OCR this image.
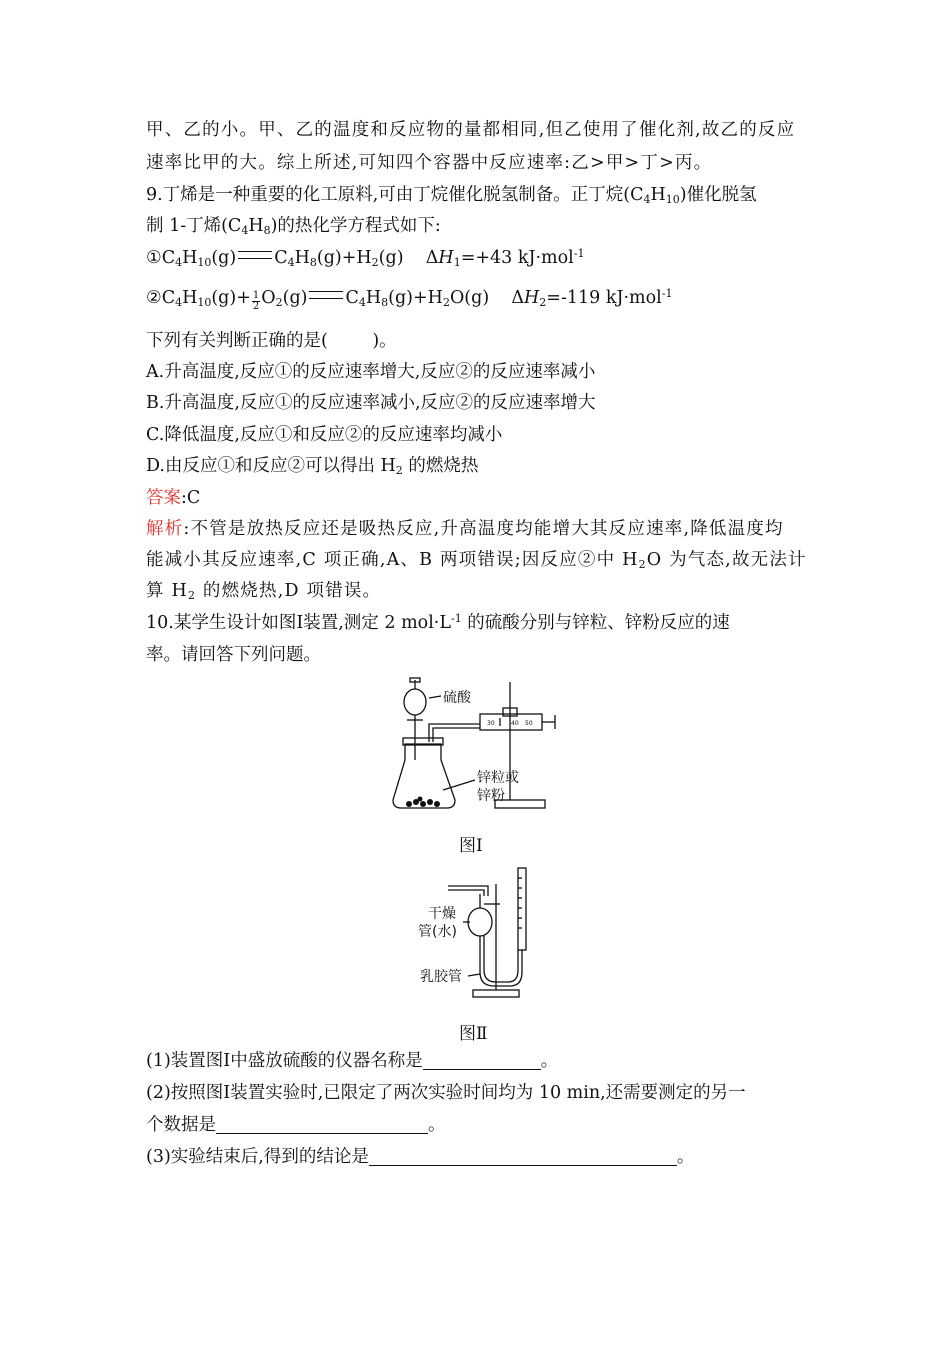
甲、乙的小。甲、乙的温度和反应物的量都相同,但乙使用了催化剂,故乙的反应
速率比甲的大。综上所述,可知四个容器中反应速率:乙>甲>丁>丙。
9.丁烯是一种重要的化工原料,可由丁烷催化脱氢制备。正丁烷$(C_4H_{10})$催化脱氢
制 1-丁烯$(C_4H_8)$的热化学方程式如下:
$①C_4H_{10}(g)$ $C_4H_8(g)+H_2(g)$    $\Delta H_1=+43$ kJ·mol$^{-1}$
$②C_4H_{10}(g)+ \frac{1}{2} O_2(g)$ $C_4H_8(g)+H_2O(g)$    $\Delta H_2=-119$ kJ·mol$^{-1}$
下列有关判断正确的是(        )。
A.升高温度,反应①的反应速率增大,反应②的反应速率减小
B.升高温度,反应①的反应速率减小,反应②的反应速率增大
C.降低温度,反应①和反应②的反应速率均减小
D.由反应①和反应②可以得出 $H_2$ 的燃烧热
答案:C
解析:不管是放热反应还是吸热反应,升高温度均能增大其反应速率,降低温度均
能减小其反应速率,C 项正确,A、B 两项错误;因反应②中 $H_2O$ 为气态,故无法计
算 $H_2$ 的燃烧热,D 项错误。
10.某学生设计如图Ⅰ装置,测定 2 $mol\cdot L^{-1}$ 的硫酸分别与锌粒、锌粉反应的速
率。请回答下列问题。
30	40 50
硫酸
锌粒或
锌粉
图Ⅰ
干燥
管(水)
乳胶管
图Ⅱ
(1)装置图Ⅰ中盛放硫酸的仪器名称是	。
(2)按照图Ⅰ装置实验时,已限定了两次实验时间均为 10 min,还需要测定的另一
个数据是	。
(3)实验结束后,得到的结论是	。
